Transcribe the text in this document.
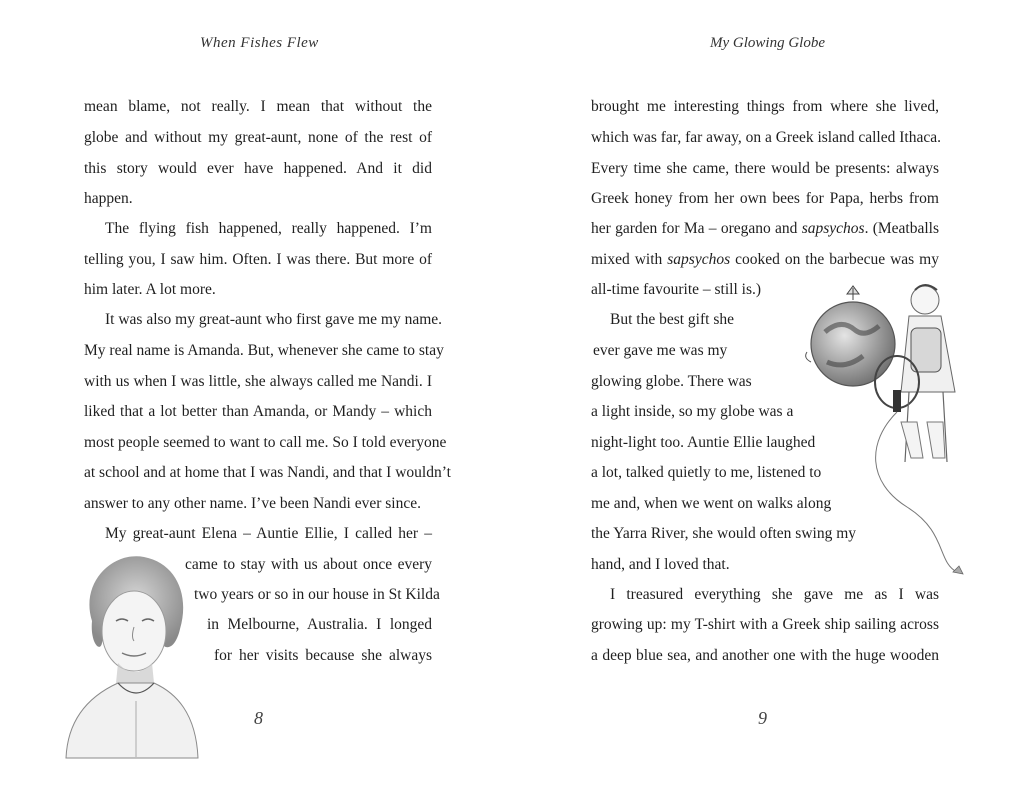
When Fishes Flew
mean blame, not really. I mean that without the
globe and without my great-aunt, none of the rest of
this story would ever have happened. And it did
happen.
The flying fish happened, really happened. I’m
telling you, I saw him. Often. I was there. But more of
him later. A lot more.
It was also my great-aunt who first gave me my name.
My real name is Amanda. But, whenever she came to stay
with us when I was little, she always called me Nandi. I
liked that a lot better than Amanda, or Mandy – which
most people seemed to want to call me. So I told everyone
at school and at home that I was Nandi, and that I wouldn’t
answer to any other name. I’ve been Nandi ever since.
My great-aunt Elena – Auntie Ellie, I called her –
came to stay with us about once every
two years or so in our house in St Kilda
in Melbourne, Australia. I longed
for her visits because she always
8
My Glowing Globe
brought me interesting things from where she lived,
which was far, far away, on a Greek island called Ithaca.
Every time she came, there would be presents: always
Greek honey from her own bees for Papa, herbs from
her garden for Ma – oregano and sapsychos. (Meatballs
mixed with sapsychos cooked on the barbecue was my
all-time favourite – still is.)
But the best gift she
ever gave me was my
glowing globe. There was
a light inside, so my globe was a
night-light too. Auntie Ellie laughed
a lot, talked quietly to me, listened to
me and, when we went on walks along
the Yarra River, she would often swing my
hand, and I loved that.
I treasured everything she gave me as I was
growing up: my T-shirt with a Greek ship sailing across
a deep blue sea, and another one with the huge wooden
9
